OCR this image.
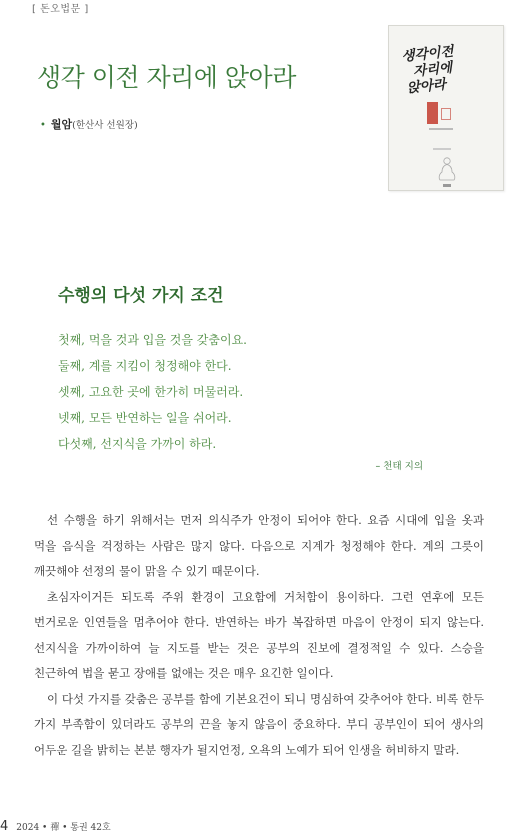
[ 돈오법문 ]
생각 이전 자리에 앉아라
• 월암(한산사 선원장)
생각이전
자리에
앉아라
수행의 다섯 가지 조건
첫째, 먹을 것과 입을 것을 갖춤이요.
둘째, 계를 지킴이 청정해야 한다.
셋째, 고요한 곳에 한가히 머물러라.
넷째, 모든 반연하는 일을 쉬어라.
다섯째, 선지식을 가까이 하라.
– 천태 지의

선 수행을 하기 위해서는 먼저 의식주가 안정이 되어야 한다. 요즘 시대에 입을 옷과 먹을 음식을 걱정하는 사람은 많지 않다. 다음으로 지계가 청정해야 한다. 계의 그릇이 깨끗해야 선정의 물이 맑을 수 있기 때문이다.

초심자이거든 되도록 주위 환경이 고요함에 거처함이 용이하다. 그런 연후에 모든 번거로운 인연들을 멈추어야 한다. 반연하는 바가 복잡하면 마음이 안정이 되지 않는다. 선지식을 가까이하여 늘 지도를 받는 것은 공부의 진보에 결정적일 수 있다. 스승을 친근하여 법을 묻고 장애를 없애는 것은 매우 요긴한 일이다.

이 다섯 가지를 갖춤은 공부를 함에 기본요건이 되니 명심하여 갖추어야 한다. 비록 한두 가지 부족함이 있더라도 공부의 끈을 놓지 않음이 중요하다. 부디 공부인이 되어 생사의 어두운 길을 밝히는 본분 행자가 될지언정, 오욕의 노예가 되어 인생을 허비하지 말라.

4 2024 • 禪 • 통권 42호
